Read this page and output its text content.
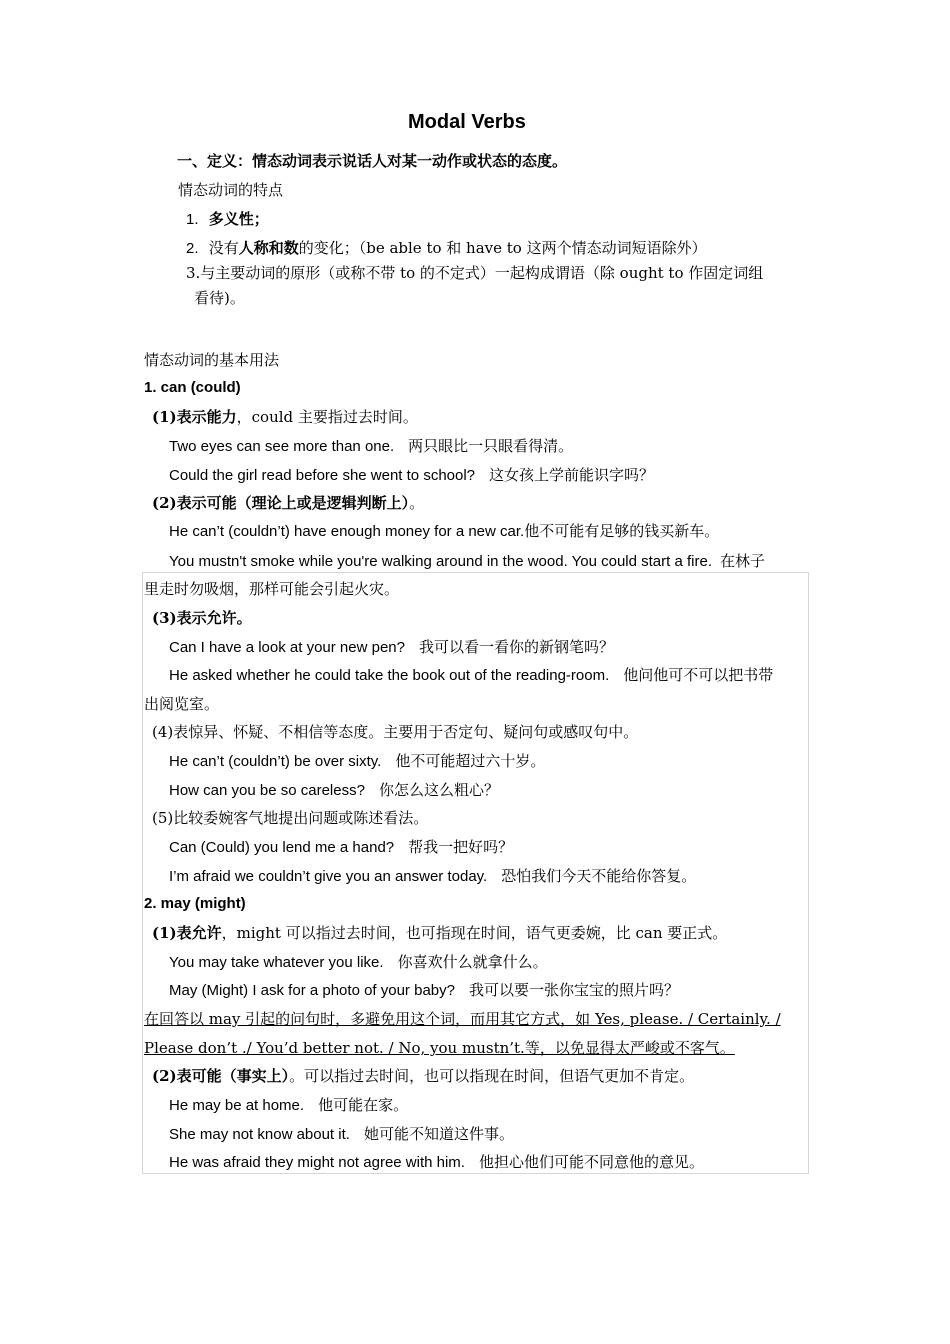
Modal Verbs
一、定义：情态动词表示说话人对某一动作或状态的态度。
情态动词的特点
1. 多义性；
2. 没有人称和数的变化；（be able to 和 have to 这两个情态动词短语除外）
3.与主要动词的原形（或称不带 to 的不定式）一起构成谓语（除 ought to 作固定词组
看待)。
情态动词的基本用法
1. can (could)
(1)表示能力，could 主要指过去时间。
Two eyes can see more than one. 两只眼比一只眼看得清。
Could the girl read before she went to school? 这女孩上学前能识字吗？
(2)表示可能（理论上或是逻辑判断上）。
He can’t (couldn’t) have enough money for a new car.他不可能有足够的钱买新车。
You mustn't smoke while you're walking around in the wood. You could start a fire. 在林子
里走时勿吸烟，那样可能会引起火灾。
(3)表示允许。
Can I have a look at your new pen? 我可以看一看你的新钢笔吗？
He asked whether he could take the book out of the reading-room. 他问他可不可以把书带
出阅览室。
(4)表惊异、怀疑、不相信等态度。主要用于否定句、疑问句或感叹句中。
He can’t (couldn’t) be over sixty. 他不可能超过六十岁。
How can you be so careless? 你怎么这么粗心？
(5)比较委婉客气地提出问题或陈述看法。
Can (Could) you lend me a hand? 帮我一把好吗？
I’m afraid we couldn’t give you an answer today. 恐怕我们今天不能给你答复。
2. may (might)
(1)表允许，might 可以指过去时间，也可指现在时间，语气更委婉，比 can 要正式。
You may take whatever you like. 你喜欢什么就拿什么。
May (Might) I ask for a photo of your baby? 我可以要一张你宝宝的照片吗？
在回答以 may 引起的问句时，多避免用这个词，而用其它方式，如 Yes, please. / Certainly. /
Please don’t ./ You’d better not. / No, you mustn’t.等，以免显得太严峻或不客气。
(2)表可能（事实上）。可以指过去时间，也可以指现在时间，但语气更加不肯定。
He may be at home. 他可能在家。
She may not know about it. 她可能不知道这件事。
He was afraid they might not agree with him. 他担心他们可能不同意他的意见。
